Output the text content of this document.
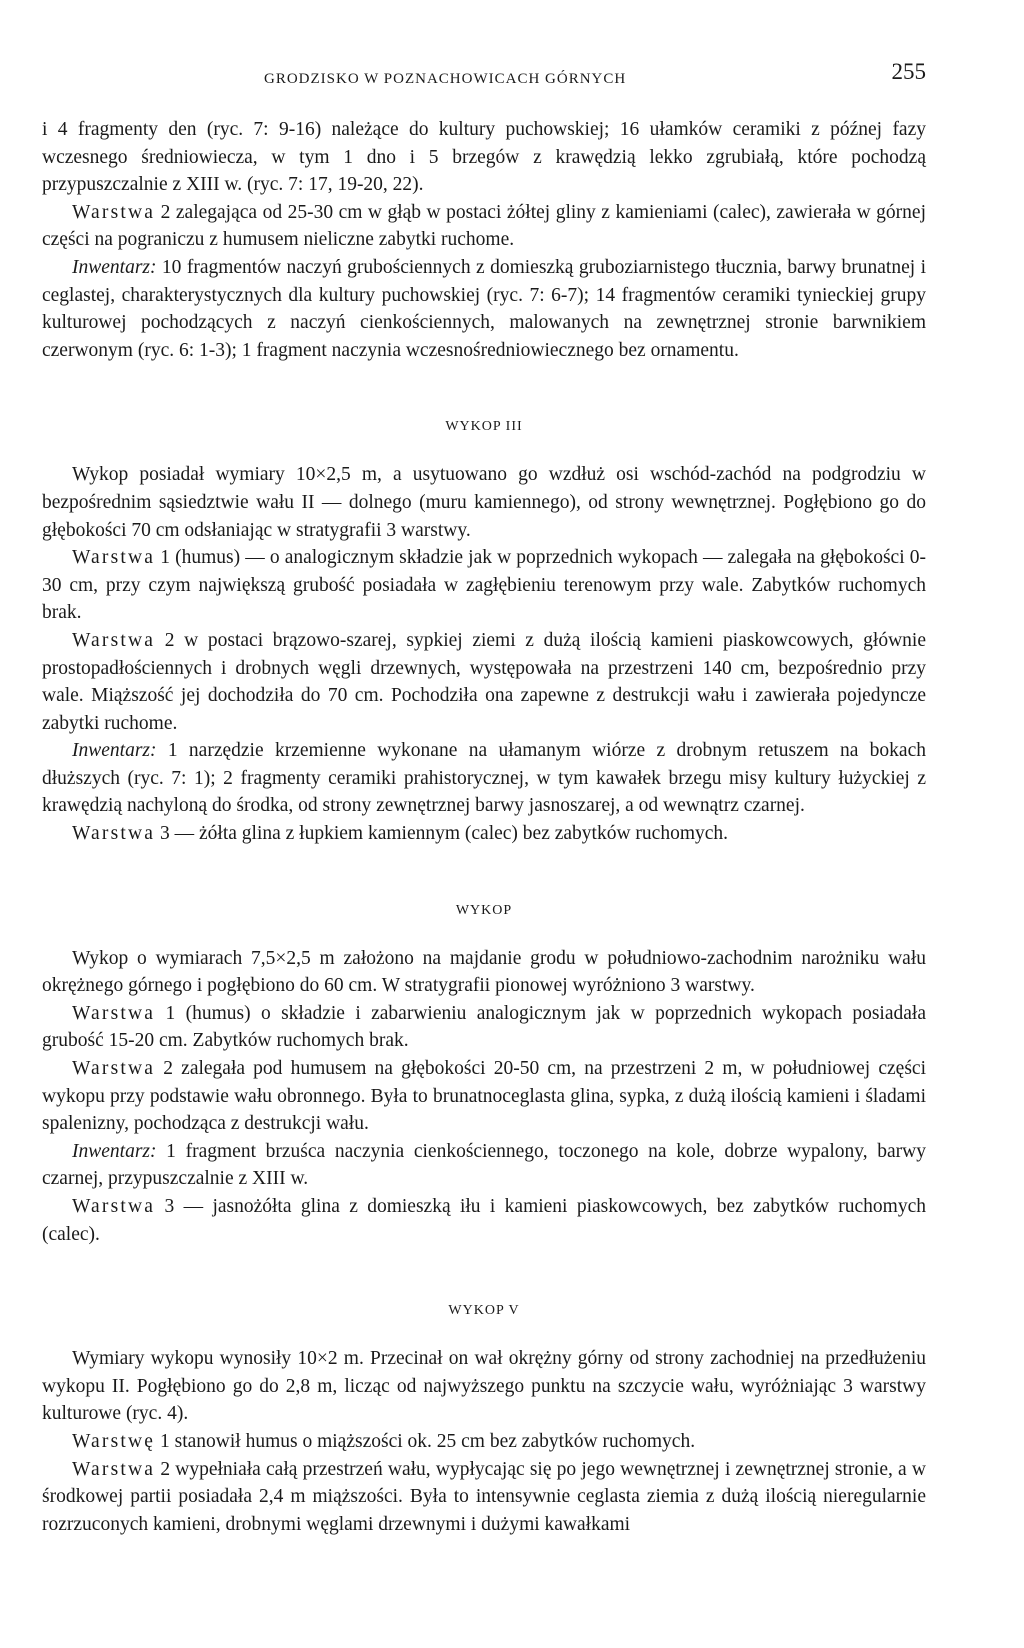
GRODZISKO W POZNACHOWICACH GÓRNYCH	255

i 4 fragmenty den (ryc. 7: 9-16) należące do kultury puchowskiej; 16 ułamków ceramiki z późnej fazy wczesnego średniowiecza, w tym 1 dno i 5 brzegów z krawędzią lekko zgrubiałą, które pochodzą przypuszczalnie z XIII w. (ryc. 7: 17, 19-20, 22).

Warstwa 2 zalegająca od 25-30 cm w głąb w postaci żółtej gliny z kamieniami (calec), zawierała w górnej części na pograniczu z humusem nieliczne zabytki ruchome.

Inwentarz: 10 fragmentów naczyń grubościennych z domieszką gruboziarnistego tłucznia, barwy brunatnej i ceglastej, charakterystycznych dla kultury puchowskiej (ryc. 7: 6-7); 14 fragmentów ceramiki tynieckiej grupy kulturowej pochodzących z naczyń cienkościennych, malowanych na zewnętrznej stronie barwnikiem czerwonym (ryc. 6: 1-3); 1 fragment naczynia wczesnośredniowiecznego bez ornamentu.

WYKOP III

Wykop posiadał wymiary 10×2,5 m, a usytuowano go wzdłuż osi wschód-zachód na podgrodziu w bezpośrednim sąsiedztwie wału II — dolnego (muru kamiennego), od strony wewnętrznej. Pogłębiono go do głębokości 70 cm odsłaniając w stratygrafii 3 warstwy.

Warstwa 1 (humus) — o analogicznym składzie jak w poprzednich wykopach — zalegała na głębokości 0-30 cm, przy czym największą grubość posiadała w zagłębieniu terenowym przy wale. Zabytków ruchomych brak.

Warstwa 2 w postaci brązowo-szarej, sypkiej ziemi z dużą ilością kamieni piaskowcowych, głównie prostopadłościennych i drobnych węgli drzewnych, występowała na przestrzeni 140 cm, bezpośrednio przy wale. Miąższość jej dochodziła do 70 cm. Pochodziła ona zapewne z destrukcji wału i zawierała pojedyncze zabytki ruchome.

Inwentarz: 1 narzędzie krzemienne wykonane na ułamanym wiórze z drobnym retuszem na bokach dłuższych (ryc. 7: 1); 2 fragmenty ceramiki prahistorycznej, w tym kawałek brzegu misy kultury łużyckiej z krawędzią nachyloną do środka, od strony zewnętrznej barwy jasnoszarej, a od wewnątrz czarnej.

Warstwa 3 — żółta glina z łupkiem kamiennym (calec) bez zabytków ruchomych.

WYKOP

Wykop o wymiarach 7,5×2,5 m założono na majdanie grodu w południowo-zachodnim narożniku wału okrężnego górnego i pogłębiono do 60 cm. W stratygrafii pionowej wyróżniono 3 warstwy.

Warstwa 1 (humus) o składzie i zabarwieniu analogicznym jak w poprzednich wykopach posiadała grubość 15-20 cm. Zabytków ruchomych brak.

Warstwa 2 zalegała pod humusem na głębokości 20-50 cm, na przestrzeni 2 m, w południowej części wykopu przy podstawie wału obronnego. Była to brunatnoceglasta glina, sypka, z dużą ilością kamieni i śladami spalenizny, pochodząca z destrukcji wału.

Inwentarz: 1 fragment brzuśca naczynia cienkościennego, toczonego na kole, dobrze wypalony, barwy czarnej, przypuszczalnie z XIII w.

Warstwa 3 — jasnożółta glina z domieszką iłu i kamieni piaskowcowych, bez zabytków ruchomych (calec).

WYKOP V

Wymiary wykopu wynosiły 10×2 m. Przecinał on wał okrężny górny od strony zachodniej na przedłużeniu wykopu II. Pogłębiono go do 2,8 m, licząc od najwyższego punktu na szczycie wału, wyróżniając 3 warstwy kulturowe (ryc. 4).

Warstwę 1 stanowił humus o miąższości ok. 25 cm bez zabytków ruchomych.

Warstwa 2 wypełniała całą przestrzeń wału, wypłycając się po jego wewnętrznej i zewnętrznej stronie, a w środkowej partii posiadała 2,4 m miąższości. Była to intensywnie ceglasta ziemia z dużą ilością nieregularnie rozrzuconych kamieni, drobnymi węglami drzewnymi i dużymi kawałkami
